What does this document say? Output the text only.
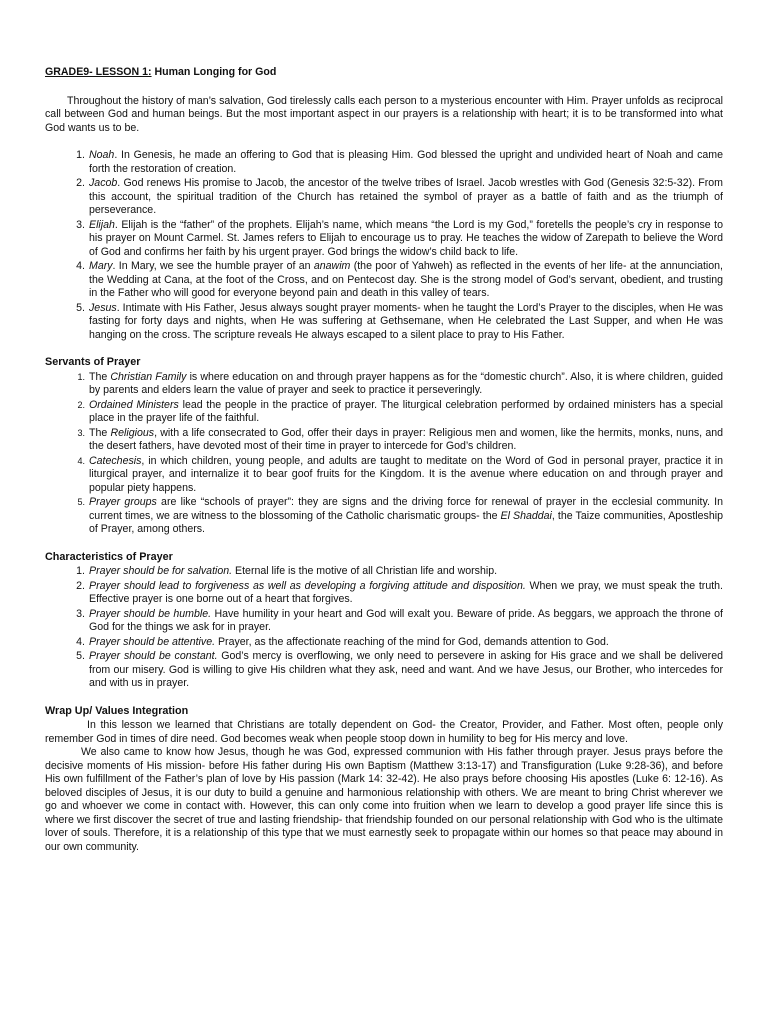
GRADE9- LESSON 1: Human Longing for God

Throughout the history of man’s salvation, God tirelessly calls each person to a mysterious encounter with Him. Prayer unfolds as reciprocal call between God and human beings. But the most important aspect in our prayers is a relationship with heart; it is to be transformed into what God wants us to be.

1. Noah. In Genesis, he made an offering to God that is pleasing Him. God blessed the upright and undivided heart of Noah and came forth the restoration of creation.
2. Jacob. God renews His promise to Jacob, the ancestor of the twelve tribes of Israel. Jacob wrestles with God (Genesis 32:5-32). From this account, the spiritual tradition of the Church has retained the symbol of prayer as a battle of faith and as the triumph of perseverance.
3. Elijah. Elijah is the “father” of the prophets. Elijah’s name, which means “the Lord is my God,” foretells the people’s cry in response to his prayer on Mount Carmel. St. James refers to Elijah to encourage us to pray. He teaches the widow of Zarepath to believe the Word of God and confirms her faith by his urgent prayer. God brings the widow’s child back to life.
4. Mary. In Mary, we see the humble prayer of an anawim (the poor of Yahweh) as reflected in the events of her life- at the annunciation, the Wedding at Cana, at the foot of the Cross, and on Pentecost day. She is the strong model of God’s servant, obedient, and trusting in the Father who will good for everyone beyond pain and death in this valley of tears.
5. Jesus. Intimate with His Father, Jesus always sought prayer moments- when he taught the Lord’s Prayer to the disciples, when He was fasting for forty days and nights, when He was suffering at Gethsemane, when He celebrated the Last Supper, and when He was hanging on the cross. The scripture reveals He always escaped to a silent place to pray to His Father.
Servants of Prayer
1. The Christian Family is where education on and through prayer happens as for the “domestic church”. Also, it is where children, guided by parents and elders learn the value of prayer and seek to practice it perseveringly.
2. Ordained Ministers lead the people in the practice of prayer. The liturgical celebration performed by ordained ministers has a special place in the prayer life of the faithful.
3. The Religious, with a life consecrated to God, offer their days in prayer: Religious men and women, like the hermits, monks, nuns, and the desert fathers, have devoted most of their time in prayer to intercede for God’s children.
4. Catechesis, in which children, young people, and adults are taught to meditate on the Word of God in personal prayer, practice it in liturgical prayer, and internalize it to bear goof fruits for the Kingdom. It is the avenue where education on and through prayer and popular piety happens.
5. Prayer groups are like “schools of prayer”: they are signs and the driving force for renewal of prayer in the ecclesial community. In current times, we are witness to the blossoming of the Catholic charismatic groups- the El Shaddai, the Taize communities, Apostleship of Prayer, among others.
Characteristics of Prayer
1. Prayer should be for salvation. Eternal life is the motive of all Christian life and worship.
2. Prayer should lead to forgiveness as well as developing a forgiving attitude and disposition. When we pray, we must speak the truth. Effective prayer is one borne out of a heart that forgives.
3. Prayer should be humble. Have humility in your heart and God will exalt you. Beware of pride. As beggars, we approach the throne of God for the things we ask for in prayer.
4. Prayer should be attentive. Prayer, as the affectionate reaching of the mind for God, demands attention to God.
5. Prayer should be constant. God’s mercy is overflowing, we only need to persevere in asking for His grace and we shall be delivered from our misery. God is willing to give His children what they ask, need and want. And we have Jesus, our Brother, who intercedes for and with us in prayer.
Wrap Up/ Values Integration

In this lesson we learned that Christians are totally dependent on God- the Creator, Provider, and Father. Most often, people only remember God in times of dire need. God becomes weak when people stoop down in humility to beg for His mercy and love.

We also came to know how Jesus, though he was God, expressed communion with His father through prayer. Jesus prays before the decisive moments of His mission- before His father during His own Baptism (Matthew 3:13-17) and Transfiguration (Luke 9:28-36), and before His own fulfillment of the Father’s plan of love by His passion (Mark 14: 32-42). He also prays before choosing His apostles (Luke 6: 12-16). As beloved disciples of Jesus, it is our duty to build a genuine and harmonious relationship with others. We are meant to bring Christ wherever we go and whoever we come in contact with. However, this can only come into fruition when we learn to develop a good prayer life since this is where we first discover the secret of true and lasting friendship- that friendship founded on our personal relationship with God who is the ultimate lover of souls. Therefore, it is a relationship of this type that we must earnestly seek to propagate within our homes so that peace may abound in our own community.
